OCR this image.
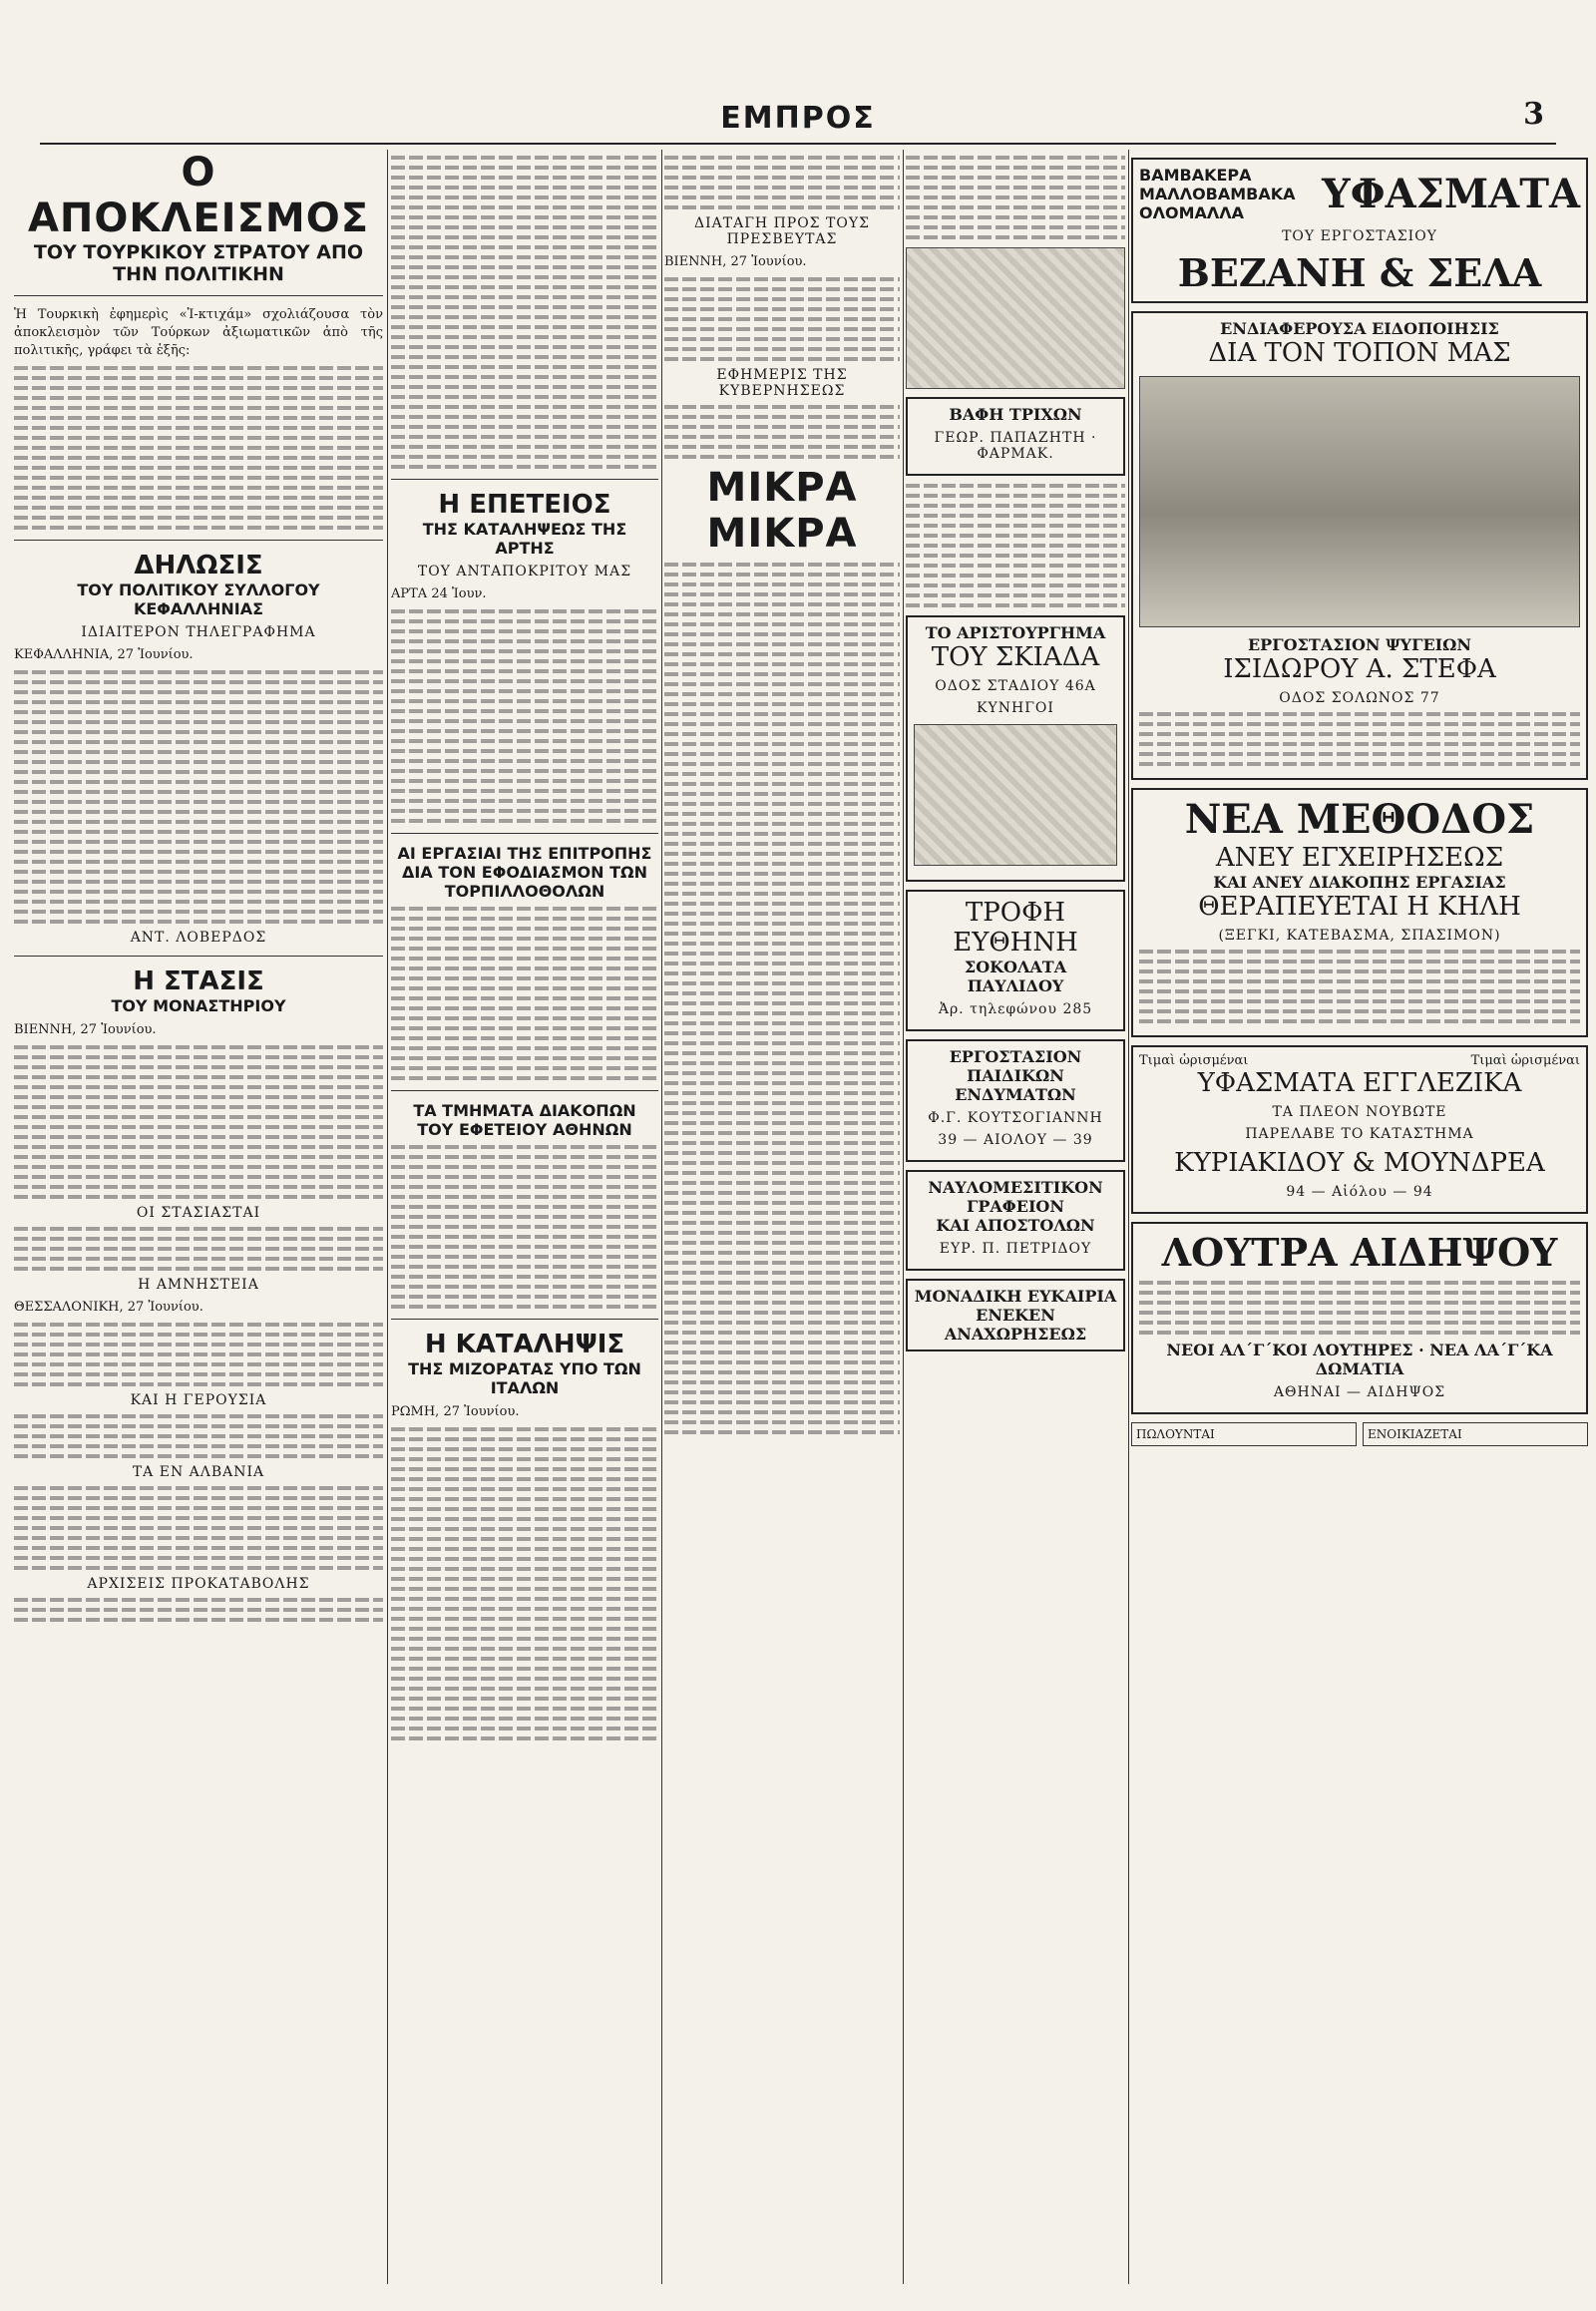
ΕΜΠΡΟΣ	3
Ο ΑΠΟΚΛΕΙΣΜΟΣ
ΤΟΥ ΤΟΥΡΚΙΚΟΥ ΣΤΡΑΤΟΥ ΑΠΟ ΤΗΝ ΠΟΛΙΤΙΚΗΝ

Ἡ Τουρκικὴ ἐφημερὶς «Ἰ-κτιχάμ» σχολιάζουσα τὸν ἀποκλεισμὸν τῶν Τούρκων ἀξιωματικῶν ἀπὸ τῆς πολιτικῆς, γράφει τὰ ἑξῆς:

ΔΗΛΩΣΙΣ
ΤΟΥ ΠΟΛΙΤΙΚΟΥ ΣΥΛΛΟΓΟΥ ΚΕΦΑΛΛΗΝΙΑΣ
ΙΔΙΑΙΤΕΡΟΝ ΤΗΛΕΓΡΑΦΗΜΑ

ΚΕΦΑΛΛΗΝΙΑ, 27 Ἰουνίου.

ΑΝΤ. ΛΟΒΕΡΔΟΣ
Η ΣΤΑΣΙΣ
ΤΟΥ ΜΟΝΑΣΤΗΡΙΟΥ

ΒΙΕΝΝΗ, 27 Ἰουνίου.

ΟΙ ΣΤΑΣΙΑΣΤΑΙ
Η ΑΜΝΗΣΤΕΙΑ

ΘΕΣΣΑΛΟΝΙΚΗ, 27 Ἰουνίου.

ΚΑΙ Η ΓΕΡΟΥΣΙΑ
ΤΑ ΕΝ ΑΛΒΑΝΙΑ
ΑΡΧΙΣΕΙΣ ΠΡΟΚΑΤΑΒΟΛΗΣ
Η ΕΠΕΤΕΙΟΣ
ΤΗΣ ΚΑΤΑΛΗΨΕΩΣ ΤΗΣ ΑΡΤΗΣ
ΤΟΥ ΑΝΤΑΠΟΚΡΙΤΟΥ ΜΑΣ

ΑΡΤΑ 24 Ἰουν.

ΑΙ ΕΡΓΑΣΙΑΙ ΤΗΣ ΕΠΙΤΡΟΠΗΣ
ΔΙΑ ΤΟΝ ΕΦΟΔΙΑΣΜΟΝ ΤΩΝ ΤΟΡΠΙΛΛΟΘΟΛΩΝ
ΤΑ ΤΜΗΜΑΤΑ ΔΙΑΚΟΠΩΝ
ΤΟΥ ΕΦΕΤΕΙΟΥ ΑΘΗΝΩΝ
Η ΚΑΤΑΛΗΨΙΣ
ΤΗΣ ΜΙΖΟΡΑΤΑΣ ΥΠΟ ΤΩΝ ΙΤΑΛΩΝ

ΡΩΜΗ, 27 Ἰουνίου.

ΔΙΑΤΑΓΗ ΠΡΟΣ ΤΟΥΣ ΠΡΕΣΒΕΥΤΑΣ

ΒΙΕΝΝΗ, 27 Ἰουνίου.

ΕΦΗΜΕΡΙΣ ΤΗΣ ΚΥΒΕΡΝΗΣΕΩΣ
ΜΙΚΡΑ
ΜΙΚΡΑ
ΒΑΦΗ ΤΡΙΧΩΝ
ΓΕΩΡ. ΠΑΠΑΖΗΤΗ · ΦΑΡΜΑΚ.
ΤΟ ΑΡΙΣΤΟΥΡΓΗΜΑ
ΤΟΥ ΣΚΙΑΔΑ
ΟΔΟΣ ΣΤΑΔΙΟΥ 46Α
ΚΥΝΗΓΟΙ
ΤΡΟΦΗ ΕΥΘΗΝΗ
ΣΟΚΟΛΑΤΑ ΠΑΥΛΙΔΟΥ
Ἀρ. τηλεφώνου 285
ΕΡΓΟΣΤΑΣΙΟΝ
ΠΑΙΔΙΚΩΝ ΕΝΔΥΜΑΤΩΝ
Φ.Γ. ΚΟΥΤΣΟΓΙΑΝΝΗ
39 — ΑΙΟΛΟΥ — 39
ΝΑΥΛΟΜΕΣΙΤΙΚΟΝ ΓΡΑΦΕΙΟΝ
ΚΑΙ ΑΠΟΣΤΟΛΩΝ
ΕΥΡ. Π. ΠΕΤΡΙΔΟΥ
ΜΟΝΑΔΙΚΗ ΕΥΚΑΙΡΙΑ
ΕΝΕΚΕΝ ΑΝΑΧΩΡΗΣΕΩΣ
ΒΑΜΒΑΚΕΡΑ
ΜΑΛΛΟΒΑΜΒΑΚΑ
ΟΛΟΜΑΛΛΑ	ΥΦΑΣΜΑΤΑ
ΤΟΥ ΕΡΓΟΣΤΑΣΙΟΥ
ΒΕΖΑΝΗ & ΣΕΛΑ
ΕΝΔΙΑΦΕΡΟΥΣΑ ΕΙΔΟΠΟΙΗΣΙΣ
ΔΙΑ ΤΟΝ ΤΟΠΟΝ ΜΑΣ
ΕΡΓΟΣΤΑΣΙΟΝ ΨΥΓΕΙΩΝ
ΙΣΙΔΩΡΟΥ Α. ΣΤΕΦΑ
ΟΔΟΣ ΣΟΛΩΝΟΣ 77
ΝΕΑ ΜΕΘΟΔΟΣ
ΑΝΕΥ ΕΓΧΕΙΡΗΣΕΩΣ
ΚΑΙ ΑΝΕΥ ΔΙΑΚΟΠΗΣ ΕΡΓΑΣΙΑΣ
ΘΕΡΑΠΕΥΕΤΑΙ Η ΚΗΛΗ
(ΞΕΓΚΙ, ΚΑΤΕΒΑΣΜΑ, ΣΠΑΣΙΜΟΝ)
Τιμαὶ ὡρισμέναι	Τιμαὶ ὡρισμέναι
ΥΦΑΣΜΑΤΑ ΕΓΓΛΕΖΙΚΑ
ΤΑ ΠΛΕΟΝ ΝΟΥΒΩΤΕ
ΠΑΡΕΛΑΒΕ ΤΟ ΚΑΤΑΣΤΗΜΑ
ΚΥΡΙΑΚΙΔΟΥ & ΜΟΥΝΔΡΕΑ
94 — Αἰόλου — 94
ΛΟΥΤΡΑ ΑΙΔΗΨΟΥ
ΝΕΟΙ ΑΛ΄Γ΄ΚΟΙ ΛΟΥΤΗΡΕΣ · ΝΕΑ ΛΑ΄Γ΄ΚΑ ΔΩΜΑΤΙΑ
ΑΘΗΝΑΙ — ΑΙΔΗΨΟΣ
ΠΩΛΟΥΝΤΑΙ	ΕΝΟΙΚΙΑΖΕΤΑΙ
